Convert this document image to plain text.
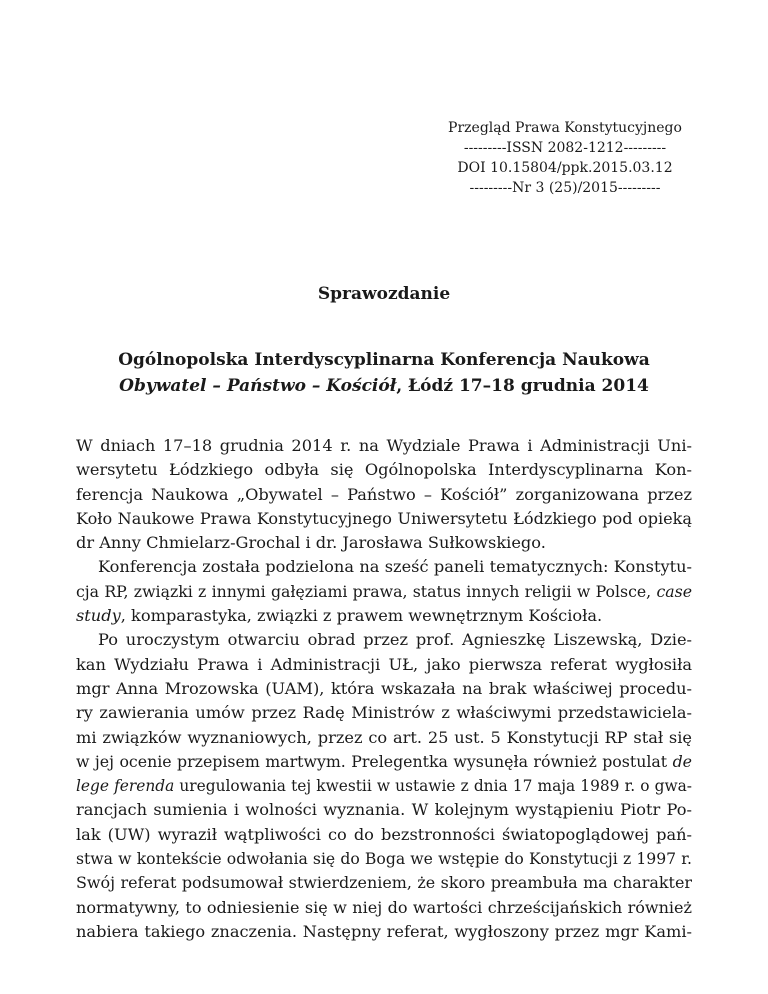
Przegląd Prawa Konstytucyjnego
---------ISSN 2082-1212---------
DOI 10.15804/ppk.2015.03.12
---------Nr 3 (25)/2015---------
Sprawozdanie
Ogólnopolska Interdyscyplinarna Konferencja Naukowa
Obywatel – Państwo – Kościół, Łódź 17–18 grudnia 2014
W dniach 17–18 grudnia 2014 r. na Wydziale Prawa i Administracji Uni-
wersytetu Łódzkiego odbyła się Ogólnopolska Interdyscyplinarna Kon-
ferencja Naukowa „Obywatel – Państwo – Kościół” zorganizowana przez
Koło Naukowe Prawa Konstytucyjnego Uniwersytetu Łódzkiego pod opieką
dr Anny Chmielarz-Grochal i dr. Jarosława Sułkowskiego.
Konferencja została podzielona na sześć paneli tematycznych: Konstytu-
cja RP, związki z innymi gałęziami prawa, status innych religii w Polsce, case
study, komparastyka, związki z prawem wewnętrznym Kościoła.
Po uroczystym otwarciu obrad przez prof. Agnieszkę Liszewską, Dzie-
kan Wydziału Prawa i Administracji UŁ, jako pierwsza referat wygłosiła
mgr Anna Mrozowska (UAM), która wskazała na brak właściwej procedu-
ry zawierania umów przez Radę Ministrów z właściwymi przedstawiciela-
mi związków wyznaniowych, przez co art. 25 ust. 5 Konstytucji RP stał się
w jej ocenie przepisem martwym. Prelegentka wysunęła również postulat de
lege ferenda uregulowania tej kwestii w ustawie z dnia 17 maja 1989 r. o gwa-
rancjach sumienia i wolności wyznania. W kolejnym wystąpieniu Piotr Po-
lak (UW) wyraził wątpliwości co do bezstronności światopoglądowej pań-
stwa w kontekście odwołania się do Boga we wstępie do Konstytucji z 1997 r.
Swój referat podsumował stwierdzeniem, że skoro preambuła ma charakter
normatywny, to odniesienie się w niej do wartości chrześcijańskich również
nabiera takiego znaczenia. Następny referat, wygłoszony przez mgr Kami-
